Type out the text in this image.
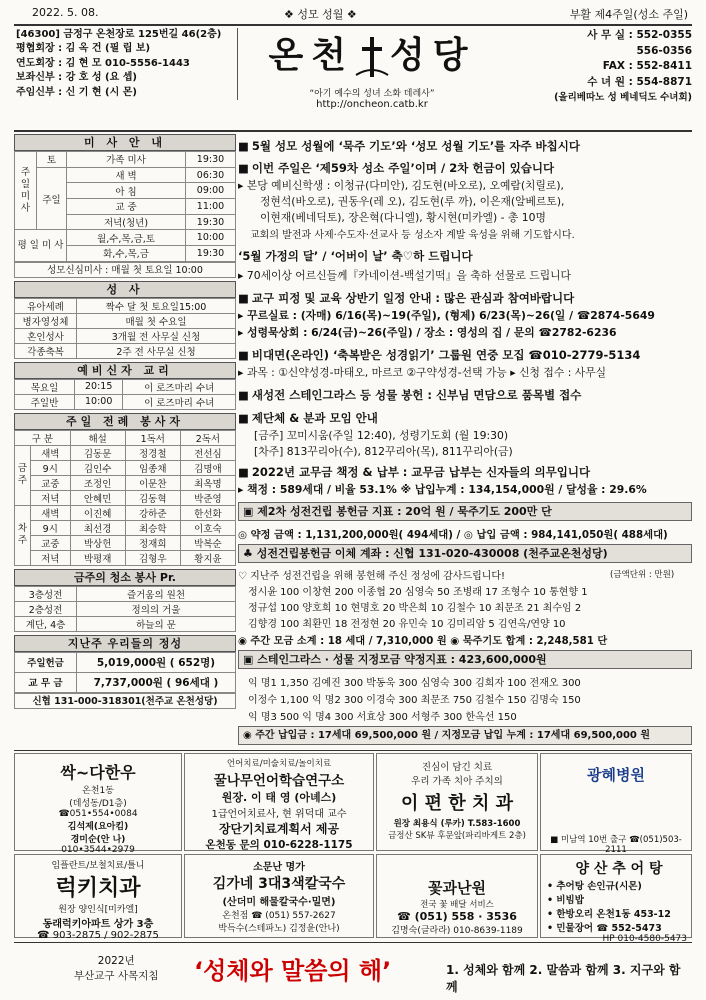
2022. 5. 08.	❖ 성모 성월 ❖	부활 제4주일(성소 주일)
[46300] 금정구 온천장로 125번길 46(2층)
평협회장 : 김 옥 건 (필 립 보)
연도회장 : 김 현 모 010-5556-1443
보좌신부 : 강 호 성 (요 셉)
주임신부 : 신 기 현 (시 몬)
온천 성당
“아기 예수의 성녀 소화 데레사”
http://oncheon.catb.kr
사 무 실 : 552-0355
556-0356
FAX : 552-8411
수 녀 원 : 554-8871
(올리베따노 성 베네딕도 수녀회)
미 사 안 내
주일미사	토	가족 미사	19:30
	주일	새 벽	06:30
		아 침	09:00
		교 중	11:00
		저녁(청년)	19:30
평 일 미 사		월,수,목,금,토	10:00
		화,수,목,금	19:30
성모신심미사 : 매월 첫 토요일 10:00
성 사
유아세례	짝수 달 첫 토요일15:00
병자영성체	매월 첫 수요일
혼인성사	3개월 전 사무실 신청
각종축복	2주 전 사무실 신청
예비신자 교리
목요일	20:15	이 로즈마리 수녀
주일반	10:00	이 로즈마리 수녀
주일 전례 봉사자
구 분		해설	1독서	2독서
금주	새벽	김동문	정경철	전선심
	9시	김인수	임종채	김명애
	교중	조정인	이문찬	최옥명
	저녁	안혜민	김동혁	박준영
차주	새벽	이진혜	강하준	한선화
	9시	최선경	최승학	이호숙
	교중	박상헌	정재희	박복순
	저녁	박평재	김형우	황지윤
금주의 청소 봉사 Pr.
3층성전	즐거움의 원천
2층성전	정의의 거울
계단, 4층	하늘의 문
지난주 우리들의 정성
주일헌금	5,019,000원 ( 652명)
교 무 금	7,737,000원 ( 96세대 )
신협 131-000-318301(천주교 온천성당)
■ 5월 성모 성월에 ‘묵주 기도’와 ‘성모 성월 기도’를 자주 바칩시다
■ 이번 주일은 ‘제59차 성소 주일’이며 / 2차 헌금이 있습니다
▸ 본당 예비신학생 : 이청규(다미안), 김도현(바오로), 오예람(치릴로),
정현석(바오로), 권동우(레 오), 김도현(루 까), 이은재(알베르토),
이현재(베네딕토), 장은혁(다니엘), 황시현(미카엘) - 총 10명
교회의 발전과 사제·수도자·선교사 등 성소자 계발 육성을 위해 기도합시다.
‘5월 가정의 달’ / ‘어버이 날’ 축♡하 드립니다
▸ 70세이상 어르신들께『카네이션-백설기떡』을 축하 선물로 드립니다
■ 교구 피정 및 교육 상반기 일정 안내 : 많은 관심과 참여바랍니다
▸ 꾸르실료 : (자매) 6/16(목)~19(주일), (형제) 6/23(목)~26(일 / ☎2874-5649
▸ 성령묵상회 : 6/24(금)~26(주일) / 장소 : 영성의 집 / 문의 ☎2782-6236
■ 비대면(온라인) ‘축복받은 성경읽기’ 그룹원 연중 모집 ☎010-2779-5134
▸ 과목 : ①신약성경-마태오, 마르코 ②구약성경-선택 가능 ▸ 신청 접수 : 사무실
■ 새성전 스테인그라스 등 성물 봉헌 : 신부님 면담으로 품목별 접수
■ 제단체 & 분과 모임 안내
[금주] 꼬미시움(주일 12:40), 성령기도회 (월 19:30)
[차주] 813꾸리아(수), 812꾸리아(목), 811꾸리아(금)
■ 2022년 교무금 책정 & 납부 : 교무금 납부는 신자들의 의무입니다
▸ 책정 : 589세대 / 비율 53.1% ※ 납입누계 : 134,154,000원 / 달성율 : 29.6%
▣ 제2차 성전건립 봉헌금 지표 : 20억 원 / 묵주기도 200만 단
◎ 약정 금액 : 1,131,200,000원( 494세대) / ◎ 납입 금액 : 984,141,050원( 488세대)
♣ 성전건립봉헌금 이체 계좌 : 신협 131-020-430008 (천주교온천성당)
♡ 지난주 성전건립을 위해 봉헌해 주신 정성에 감사드립니다!	(금액단위 : 만원)
정시윤 100 이창현 200 이종협 20 심영숙 50 조병래 17 조형수 10 통현향 1
정규섭 100 양호희 10 현명호 20 박은희 10 김철수 10 최문조 21 최수임 2
김향경 100 최환민 18 전정현 20 유민숙 10 김미리암 5 김연옥/연양 10
◉ 주간 모금 소계 : 18 세대 / 7,310,000 원 ◉ 묵주기도 합계 : 2,248,581 단
▣ 스테인그라스 · 성물 지정모금 약정지표 : 423,600,000원
익 명1 1,350 김예진 300 박동욱 300 심영숙 300 김희자 100 전재오 300
이정수 1,100 익 명2 300 이경숙 300 최문조 750 김철수 150 김명숙 150
익 명3 500 익 명4 300 서효상 300 서형주 300 한옥선 150
◉ 주간 납입금 : 17세대 69,500,000 원 / 지정모금 납입 누계 : 17세대 69,500,000 원
싹~다한우
온천1동
(데성동/D1층)
☎051•554•0084
김석제(요아킴)
경미순(안 나)
010•3544•2979
언어치료/미술치료/놀이치료
꿀나무언어학습연구소
원장. 이 태 영 (아녜스)
1급언어치료사, 현 위덕대 교수
장단기치료계획서 제공
온천동 문의 010-6228-1175
진심이 담긴 치료
우리 가족 치아 주치의
이 편 한 치 과
원장 최용식 (루카) T.583-1600
금정산 SK뷰 후문앞(파리바게트 2층)
광혜병원
■ 미남역 10번 출구 ☎(051)503-2111
임플란트/보철치료/틀니
럭키치과
원장 양인식[미카엘]
동래럭키아파트 상가 3층
☎ 903-2875 / 902-2875
소문난 명가
김가네 3대3색칼국수
(산더미 해물칼국수·밀면)
온천점 ☎ (051) 557-2627
박득수(스테파노) 김정윤(안나)
꽃과난원
전국 꽃 배달 서비스
☎ (051) 558 · 3536
김명숙(글라라) 010-8639-1189
양 산 추 어 탕
• 추어탕 손인규(시몬)
• 비빔밥
• 한방오리 온천1동 453-12
• 민물장어 ☎ 552-5473
HP 010-4580-5473
2022년
부산교구 사목지침 ‘성체와 말씀의 해’	1. 성체와 함께 2. 말씀과 함께 3. 지구와 함께
